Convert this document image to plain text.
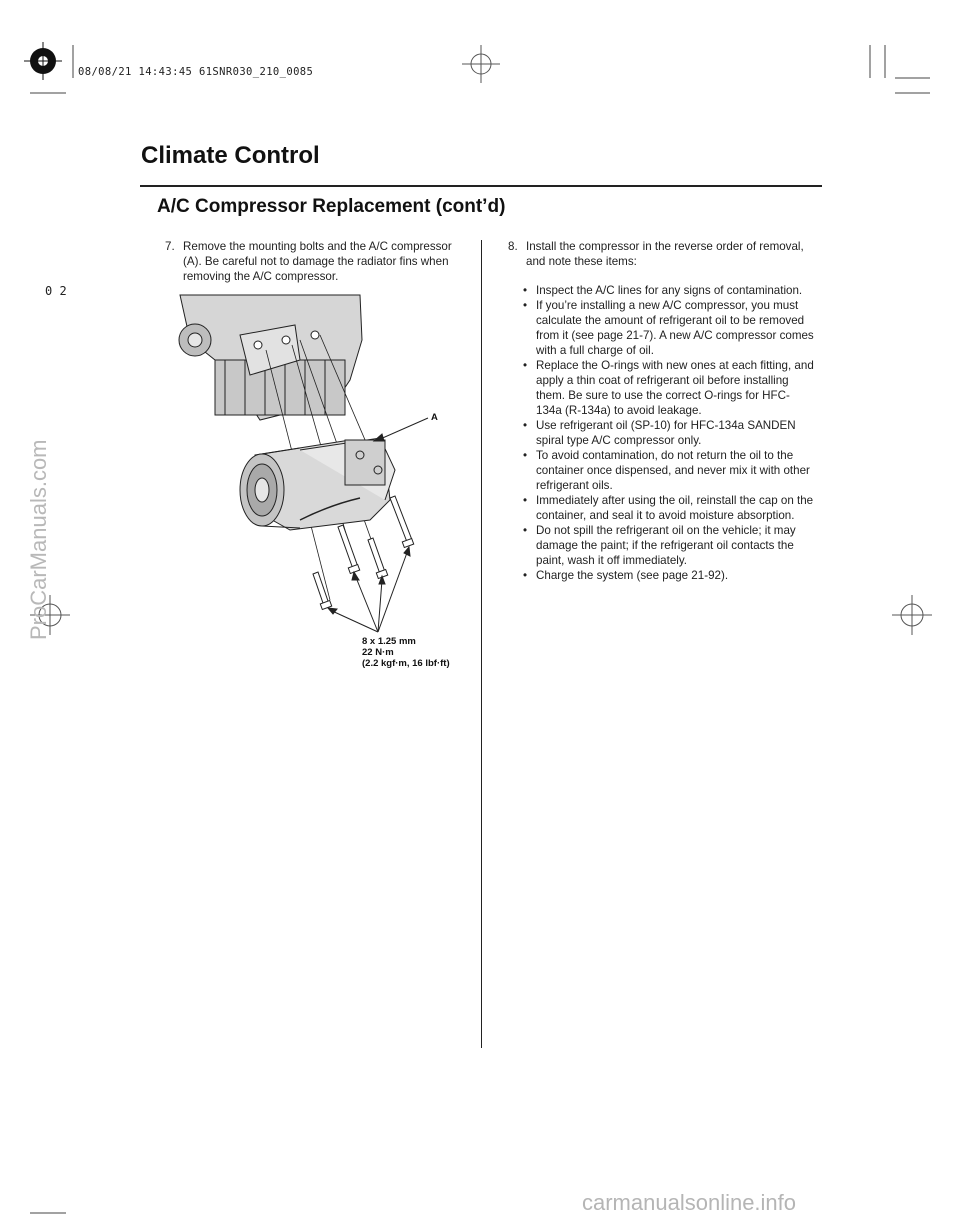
08/08/21 14:43:45 61SNR030_210_0085
Climate Control
A/C Compressor Replacement (cont’d)
0 2
7. Remove the mounting bolts and the A/C compressor (A). Be careful not to damage the radiator fins when removing the A/C compressor.
A
8 x 1.25 mm
22 N·m
(2.2 kgf·m, 16 lbf·ft)
8. Install the compressor in the reverse order of removal, and note these items:
• Inspect the A/C lines for any signs of contamination.
• If you’re installing a new A/C compressor, you must calculate the amount of refrigerant oil to be removed from it (see page 21-7). A new A/C compressor comes with a full charge of oil.
• Replace the O-rings with new ones at each fitting, and apply a thin coat of refrigerant oil before installing them. Be sure to use the correct O-rings for HFC-134a (R-134a) to avoid leakage.
• Use refrigerant oil (SP-10) for HFC-134a SANDEN spiral type A/C compressor only.
• To avoid contamination, do not return the oil to the container once dispensed, and never mix it with other refrigerant oils.
• Immediately after using the oil, reinstall the cap on the container, and seal it to avoid moisture absorption.
• Do not spill the refrigerant oil on the vehicle; it may damage the paint; if the refrigerant oil contacts the paint, wash it off immediately.
• Charge the system (see page 21-92).
ProCarManuals.com
carmanualsonline.info
